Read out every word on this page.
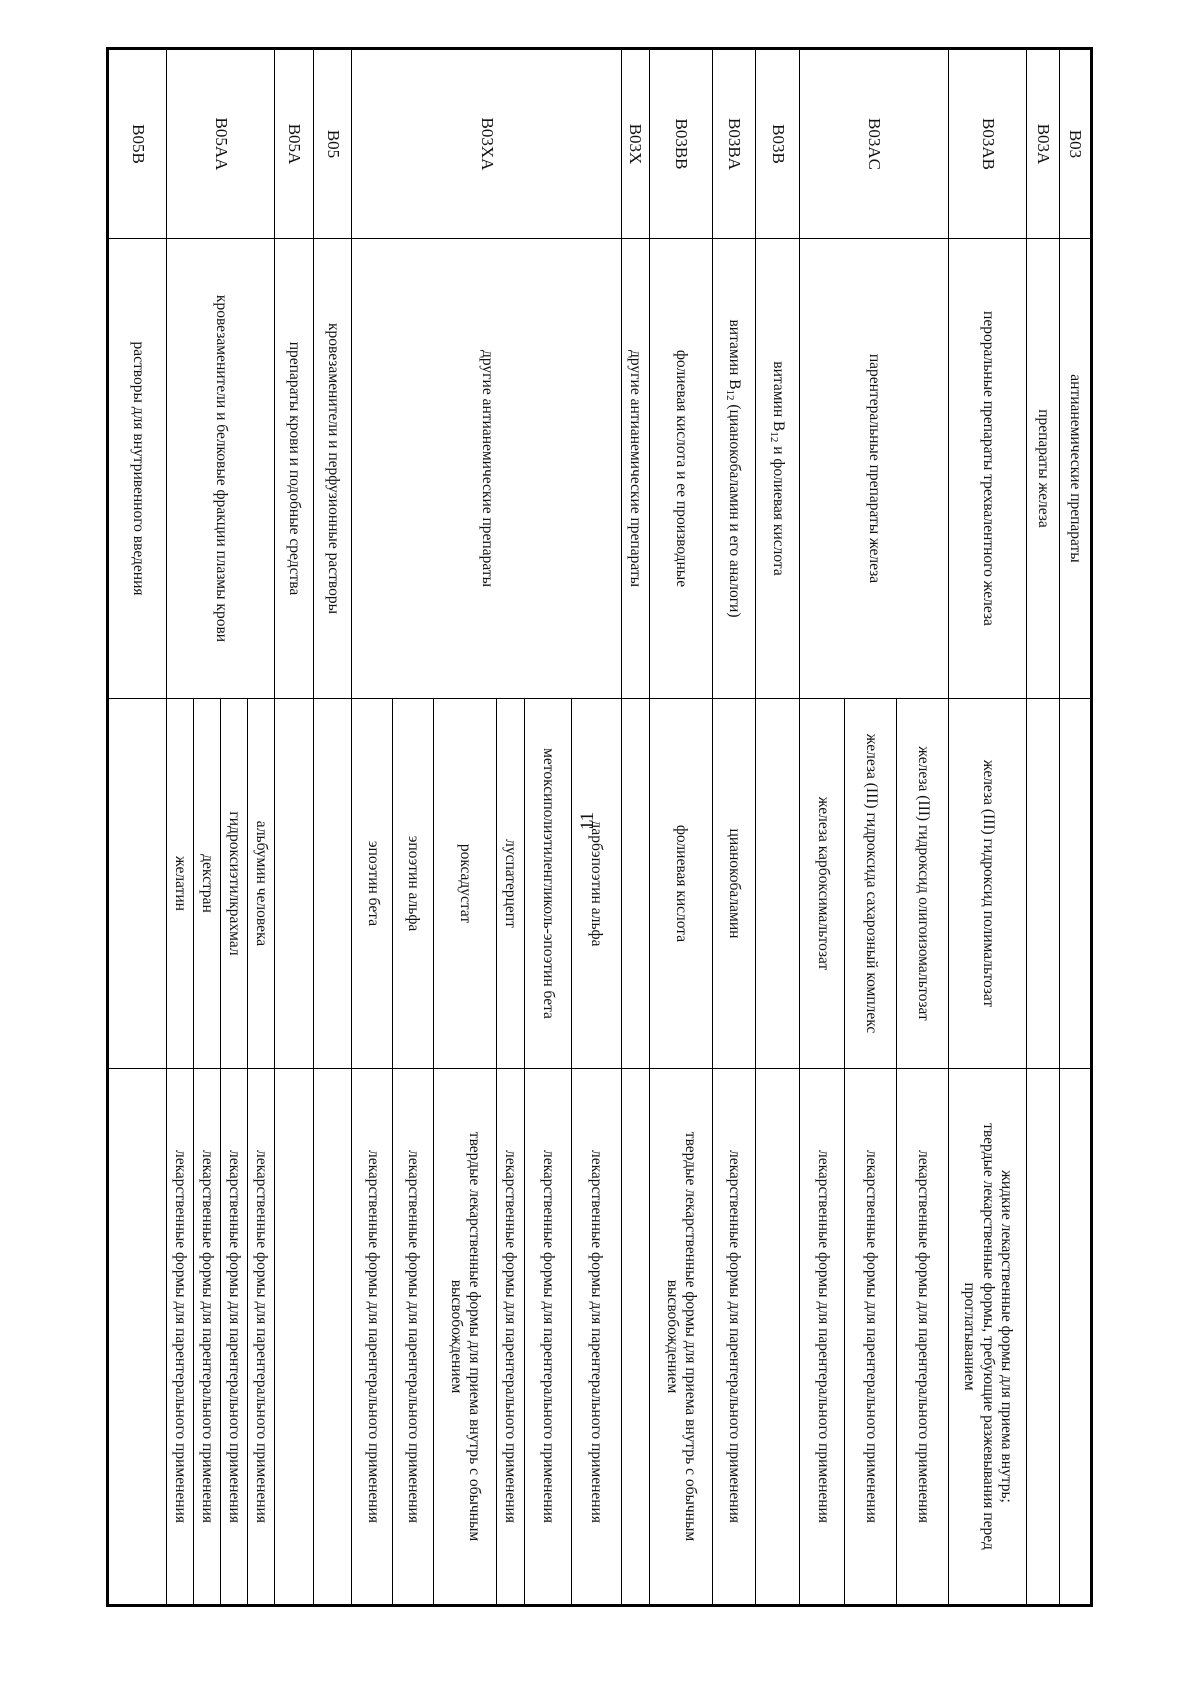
11
B03	антианемические препараты		
B03A	препараты железа		
B03AB	пероральные препараты трехвалентного железа	железа (III) гидроксид полимальтозат	жидкие лекарственные формы для приема внутрь;
твердые лекарственные формы, требующие разжевывания перед проглатыванием

B03AC	парентеральные препараты железа	железа (III) гидроксид олигоизомальтозат	лекарственные формы для парентерального применения
		железа (III) гидроксида сахарозный комплекс	лекарственные формы для парентерального применения
		железа карбоксимальтозат	лекарственные формы для парентерального применения
B03B	витамин $B_{12}$ и фолиевая кислота		
B03BA	витамин $B_{12}$ (цианокобаламин и его аналоги)	цианокобаламин	лекарственные формы для парентерального применения
B03BB	фолиевая кислота и ее производные	фолиевая кислота	твердые лекарственные формы для приема внутрь с обычным высвобождением
B03X	другие антианемические препараты		
B03XA	другие антианемические препараты	дарбэпоэтин альфа	лекарственные формы для парентерального применения
		метоксиполиэтиленгликоль-эпоэтин бета	лекарственные формы для парентерального применения
		луспатерцепт	лекарственные формы для парентерального применения
		роксадустат	твердые лекарственные формы для приема внутрь с обычным высвобождением
		эпоэтин альфа	лекарственные формы для парентерального применения
		эпоэтин бета	лекарственные формы для парентерального применения
B05	кровезаменители и перфузионные растворы		
B05A	препараты крови и подобные средства		
B05AA	кровезаменители и белковые фракции плазмы крови	альбумин человека	лекарственные формы для парентерального применения
		гидроксиэтилкрахмал	лекарственные формы для парентерального применения
		декстран	лекарственные формы для парентерального применения
		желатин	лекарственные формы для парентерального применения
B05B	растворы для внутривенного введения		
